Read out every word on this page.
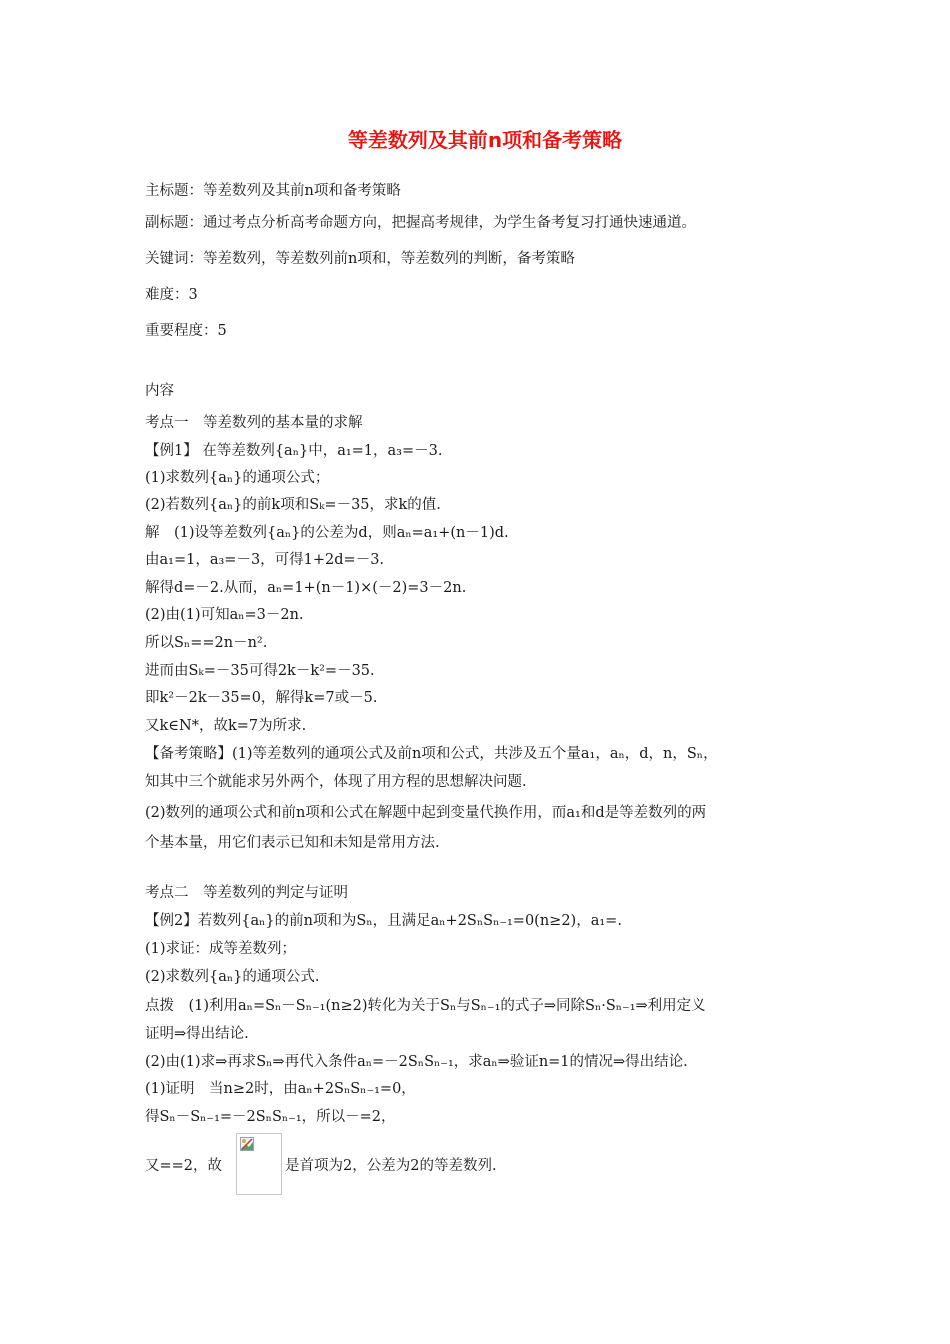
等差数列及其前n项和备考策略
主标题：等差数列及其前n项和备考策略
副标题：通过考点分析高考命题方向，把握高考规律，为学生备考复习打通快速通道。
关键词：等差数列，等差数列前n项和，等差数列的判断，备考策略
难度：3
重要程度：5
内容
考点一　等差数列的基本量的求解
【例1】 在等差数列{aₙ}中，a₁=1，a₃=－3.
(1)求数列{aₙ}的通项公式；
(2)若数列{aₙ}的前k项和Sₖ=－35，求k的值.
解　(1)设等差数列{aₙ}的公差为d，则aₙ=a₁+(n－1)d.
由a₁=1，a₃=－3，可得1+2d=－3.
解得d=－2.从而，aₙ=1+(n－1)×(－2)=3－2n.
(2)由(1)可知aₙ=3－2n.
所以Sₙ==2n－n².
进而由Sₖ=－35可得2k－k²=－35.
即k²－2k－35=0，解得k=7或－5.
又k∈N*，故k=7为所求.
【备考策略】(1)等差数列的通项公式及前n项和公式，共涉及五个量a₁，aₙ，d，n，Sₙ，
知其中三个就能求另外两个，体现了用方程的思想解决问题.
(2)数列的通项公式和前n项和公式在解题中起到变量代换作用，而a₁和d是等差数列的两
个基本量，用它们表示已知和未知是常用方法.
考点二　等差数列的判定与证明
【例2】若数列{aₙ}的前n项和为Sₙ，且满足aₙ+2SₙSₙ₋₁=0(n≥2)，a₁=.
(1)求证：成等差数列；
(2)求数列{aₙ}的通项公式.
点拨　(1)利用aₙ=Sₙ－Sₙ₋₁(n≥2)转化为关于Sₙ与Sₙ₋₁的式子⇒同除Sₙ·Sₙ₋₁⇒利用定义
证明⇒得出结论.
(2)由(1)求⇒再求Sₙ⇒再代入条件aₙ=－2SₙSₙ₋₁，求aₙ⇒验证n=1的情况⇒得出结论.
(1)证明　当n≥2时，由aₙ+2SₙSₙ₋₁=0，
得Sₙ－Sₙ₋₁=－2SₙSₙ₋₁，所以－=2，
又==2，故	是首项为2，公差为2的等差数列.
